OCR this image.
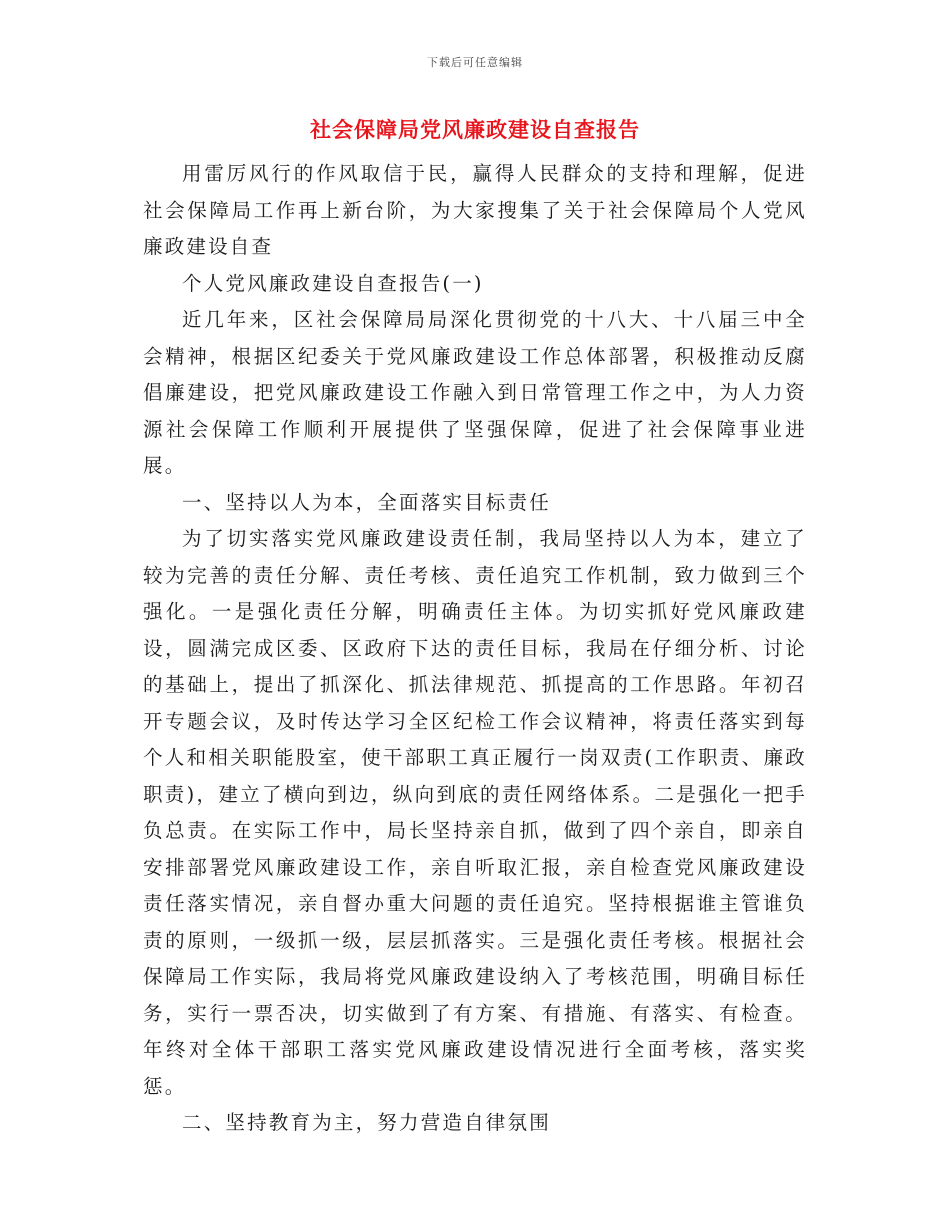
下载后可任意编辑
社会保障局党风廉政建设自查报告

用雷厉风行的作风取信于民，赢得人民群众的支持和理解，促进社会保障局工作再上新台阶，为大家搜集了关于社会保障局个人党风廉政建设自查

个人党风廉政建设自查报告(一)

近几年来，区社会保障局局深化贯彻党的十八大、十八届三中全会精神，根据区纪委关于党风廉政建设工作总体部署，积极推动反腐倡廉建设，把党风廉政建设工作融入到日常管理工作之中，为人力资源社会保障工作顺利开展提供了坚强保障，促进了社会保障事业进展。

一、坚持以人为本，全面落实目标责任

为了切实落实党风廉政建设责任制，我局坚持以人为本，建立了较为完善的责任分解、责任考核、责任追究工作机制，致力做到三个强化。一是强化责任分解，明确责任主体。为切实抓好党风廉政建设，圆满完成区委、区政府下达的责任目标，我局在仔细分析、讨论的基础上，提出了抓深化、抓法律规范、抓提高的工作思路。年初召开专题会议，及时传达学习全区纪检工作会议精神，将责任落实到每个人和相关职能股室，使干部职工真正履行一岗双责(工作职责、廉政职责)，建立了横向到边，纵向到底的责任网络体系。二是强化一把手负总责。在实际工作中，局长坚持亲自抓，做到了四个亲自，即亲自安排部署党风廉政建设工作，亲自听取汇报，亲自检查党风廉政建设责任落实情况，亲自督办重大问题的责任追究。坚持根据谁主管谁负责的原则，一级抓一级，层层抓落实。三是强化责任考核。根据社会保障局工作实际，我局将党风廉政建设纳入了考核范围，明确目标任务，实行一票否决，切实做到了有方案、有措施、有落实、有检查。年终对全体干部职工落实党风廉政建设情况进行全面考核，落实奖惩。

二、坚持教育为主，努力营造自律氛围
